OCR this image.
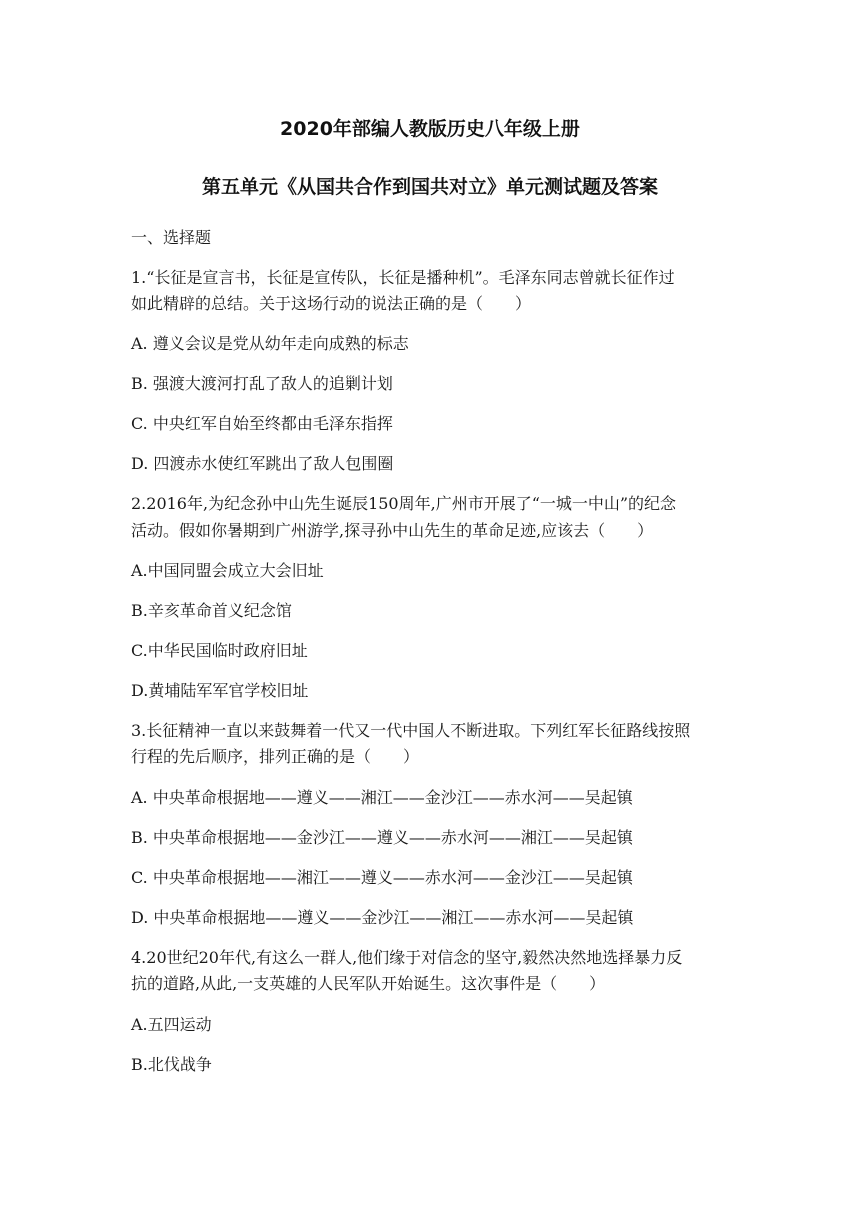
2020年部编人教版历史八年级上册
第五单元《从国共合作到国共对立》单元测试题及答案
一、选择题
1.“长征是宣言书，长征是宣传队，长征是播种机”。毛泽东同志曾就长征作过
如此精辟的总结。关于这场行动的说法正确的是（　　）
A. 遵义会议是党从幼年走向成熟的标志
B. 强渡大渡河打乱了敌人的追剿计划
C. 中央红军自始至终都由毛泽东指挥
D. 四渡赤水使红军跳出了敌人包围圈
2.2016年,为纪念孙中山先生诞辰150周年,广州市开展了“一城一中山”的纪念
活动。假如你暑期到广州游学,探寻孙中山先生的革命足迹,应该去（　　）
A.中国同盟会成立大会旧址
B.辛亥革命首义纪念馆
C.中华民国临时政府旧址
D.黄埔陆军军官学校旧址
3.长征精神一直以来鼓舞着一代又一代中国人不断进取。下列红军长征路线按照
行程的先后顺序，排列正确的是（　　）
A. 中央革命根据地——遵义——湘江——金沙江——赤水河——吴起镇
B. 中央革命根据地——金沙江——遵义——赤水河——湘江——吴起镇
C. 中央革命根据地——湘江——遵义——赤水河——金沙江——吴起镇
D. 中央革命根据地——遵义——金沙江——湘江——赤水河——吴起镇
4.20世纪20年代,有这么一群人,他们缘于对信念的坚守,毅然决然地选择暴力反
抗的道路,从此,一支英雄的人民军队开始诞生。这次事件是（　　）
A.五四运动
B.北伐战争
